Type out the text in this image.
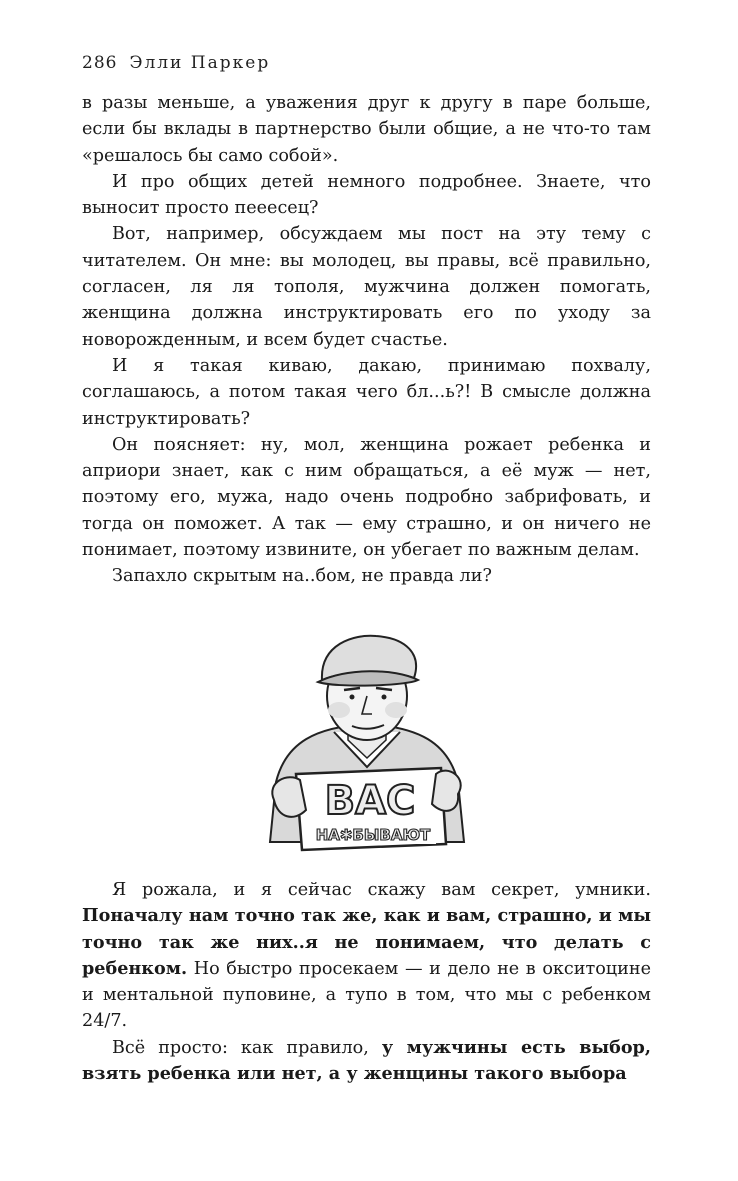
286 Элли Паркер

в разы меньше, а уважения друг к другу в паре больше, если бы вклады в партнерство были общие, а не что-то там «решалось бы само собой».

И про общих детей немного подробнее. Знаете, что выносит просто пееесец?

Вот, например, обсуждаем мы пост на эту тему с читателем. Он мне: вы молодец, вы правы, всё правильно, согласен, ля ля тополя, мужчина должен помогать, женщина должна инструктировать его по уходу за новорожденным, и всем будет счастье.

И я такая киваю, дакаю, принимаю похвалу, соглашаюсь, а потом такая чего бл...ь?! В смысле должна инструктировать?

Он поясняет: ну, мол, женщина рожает ребенка и априори знает, как с ним обращаться, а её муж — нет, поэтому его, мужа, надо очень подробно забрифовать, и тогда он поможет. А так — ему страшно, и он ничего не понимает, поэтому извините, он убегает по важным делам.

Запахло скрытым на..бом, не правда ли?

ВАС
НА✱БЫВАЮТ

Я рожала, и я сейчас скажу вам секрет, умники. Поначалу нам точно так же, как и вам, страшно, и мы точно так же них..я не понимаем, что делать с ребенком. Но быстро просекаем — и дело не в окситоцине и ментальной пуповине, а тупо в том, что мы с ребенком 24/7.

Всё просто: как правило, у мужчины есть выбор, взять ребенка или нет, а у женщины такого выбора
